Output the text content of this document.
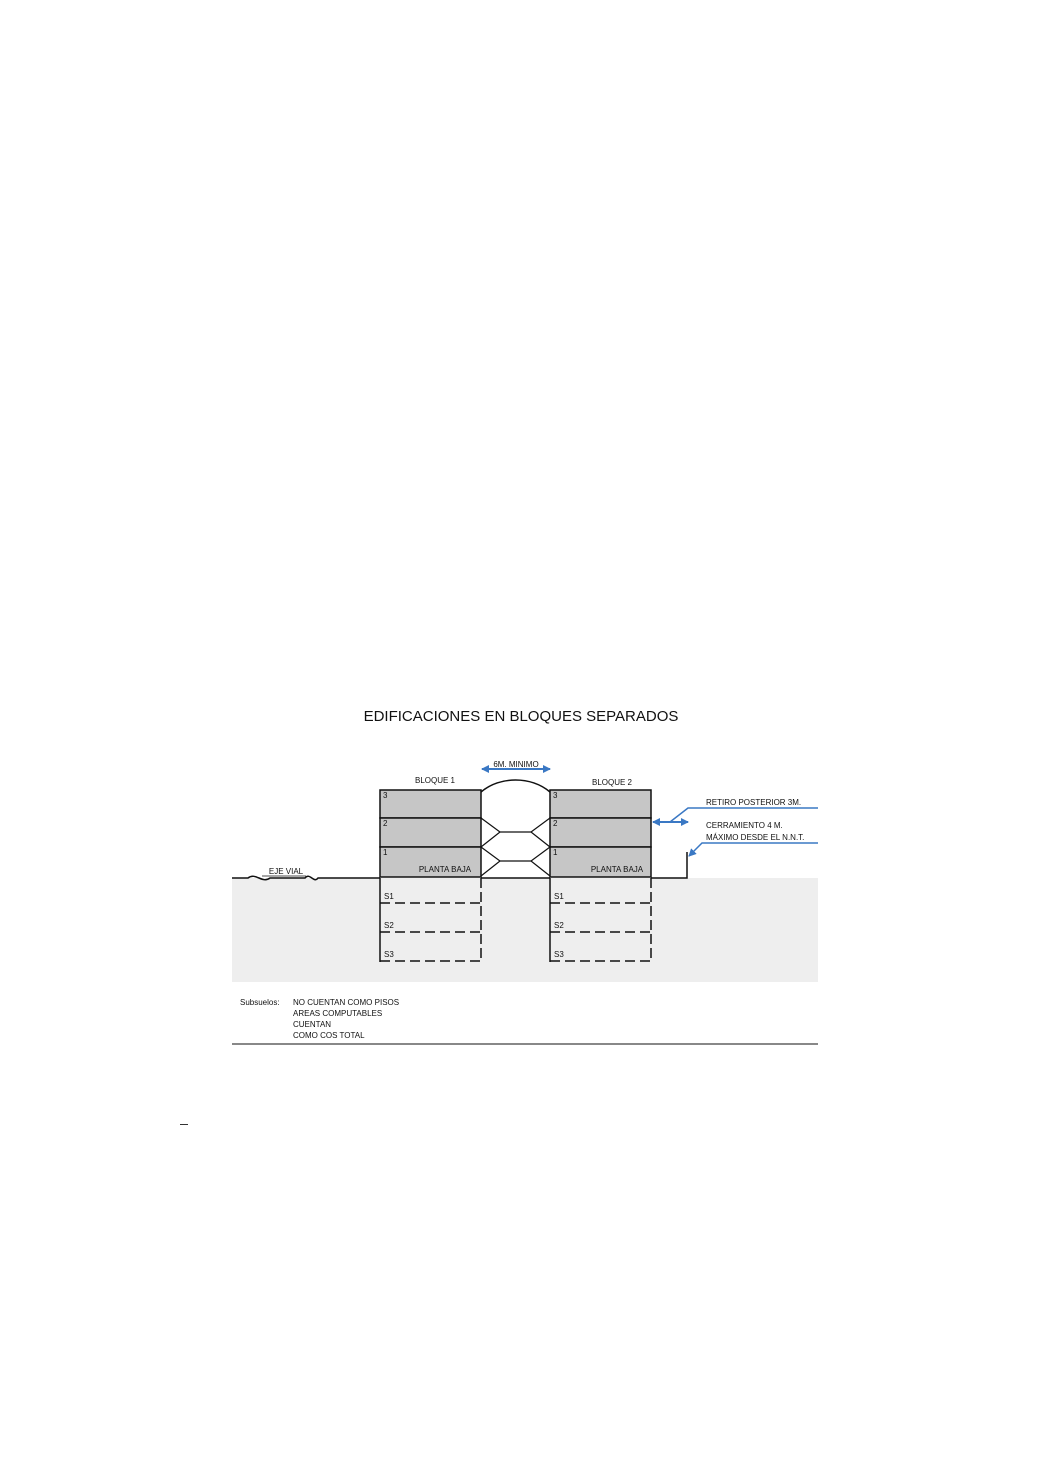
EDIFICACIONES EN BLOQUES SEPARADOS
6M. MINIMO
BLOQUE 1
3
2
1
PLANTA BAJA
S1
S2
S3
BLOQUE 2
3
2
1
PLANTA BAJA
S1
S2
S3
EJE VIAL
RETIRO POSTERIOR 3M.
CERRAMIENTO 4 M.
MÁXIMO DESDE EL N.N.T.
Subsuelos: NO CUENTAN COMO PISOS
AREAS COMPUTABLES
CUENTAN
COMO COS TOTAL
